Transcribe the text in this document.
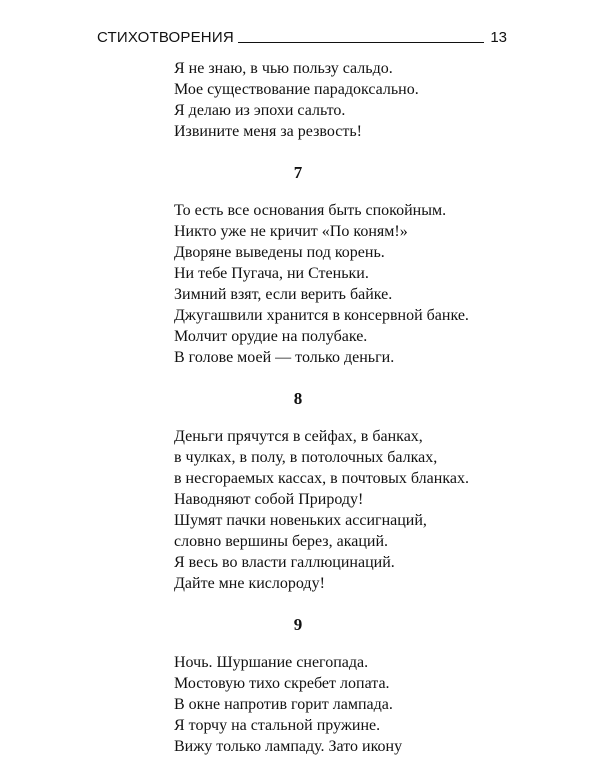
СТИХОТВОРЕНИЯ	13
Я не знаю, в чью пользу сальдо.
Мое существование парадоксально.
Я делаю из эпохи сальто.
Извините меня за резвость!
7
То есть все основания быть спокойным.
Никто уже не кричит «По коням!»
Дворяне выведены под корень.
Ни тебе Пугача, ни Стеньки.
Зимний взят, если верить байке.
Джугашвили хранится в консервной банке.
Молчит орудие на полубаке.
В голове моей — только деньги.
8
Деньги прячутся в сейфах, в банках,
в чулках, в полу, в потолочных балках,
в несгораемых кассах, в почтовых бланках.
Наводняют собой Природу!
Шумят пачки новеньких ассигнаций,
словно вершины берез, акаций.
Я весь во власти галлюцинаций.
Дайте мне кислороду!
9
Ночь. Шуршание снегопада.
Мостовую тихо скребет лопата.
В окне напротив горит лампада.
Я торчу на стальной пружине.
Вижу только лампаду. Зато икону
